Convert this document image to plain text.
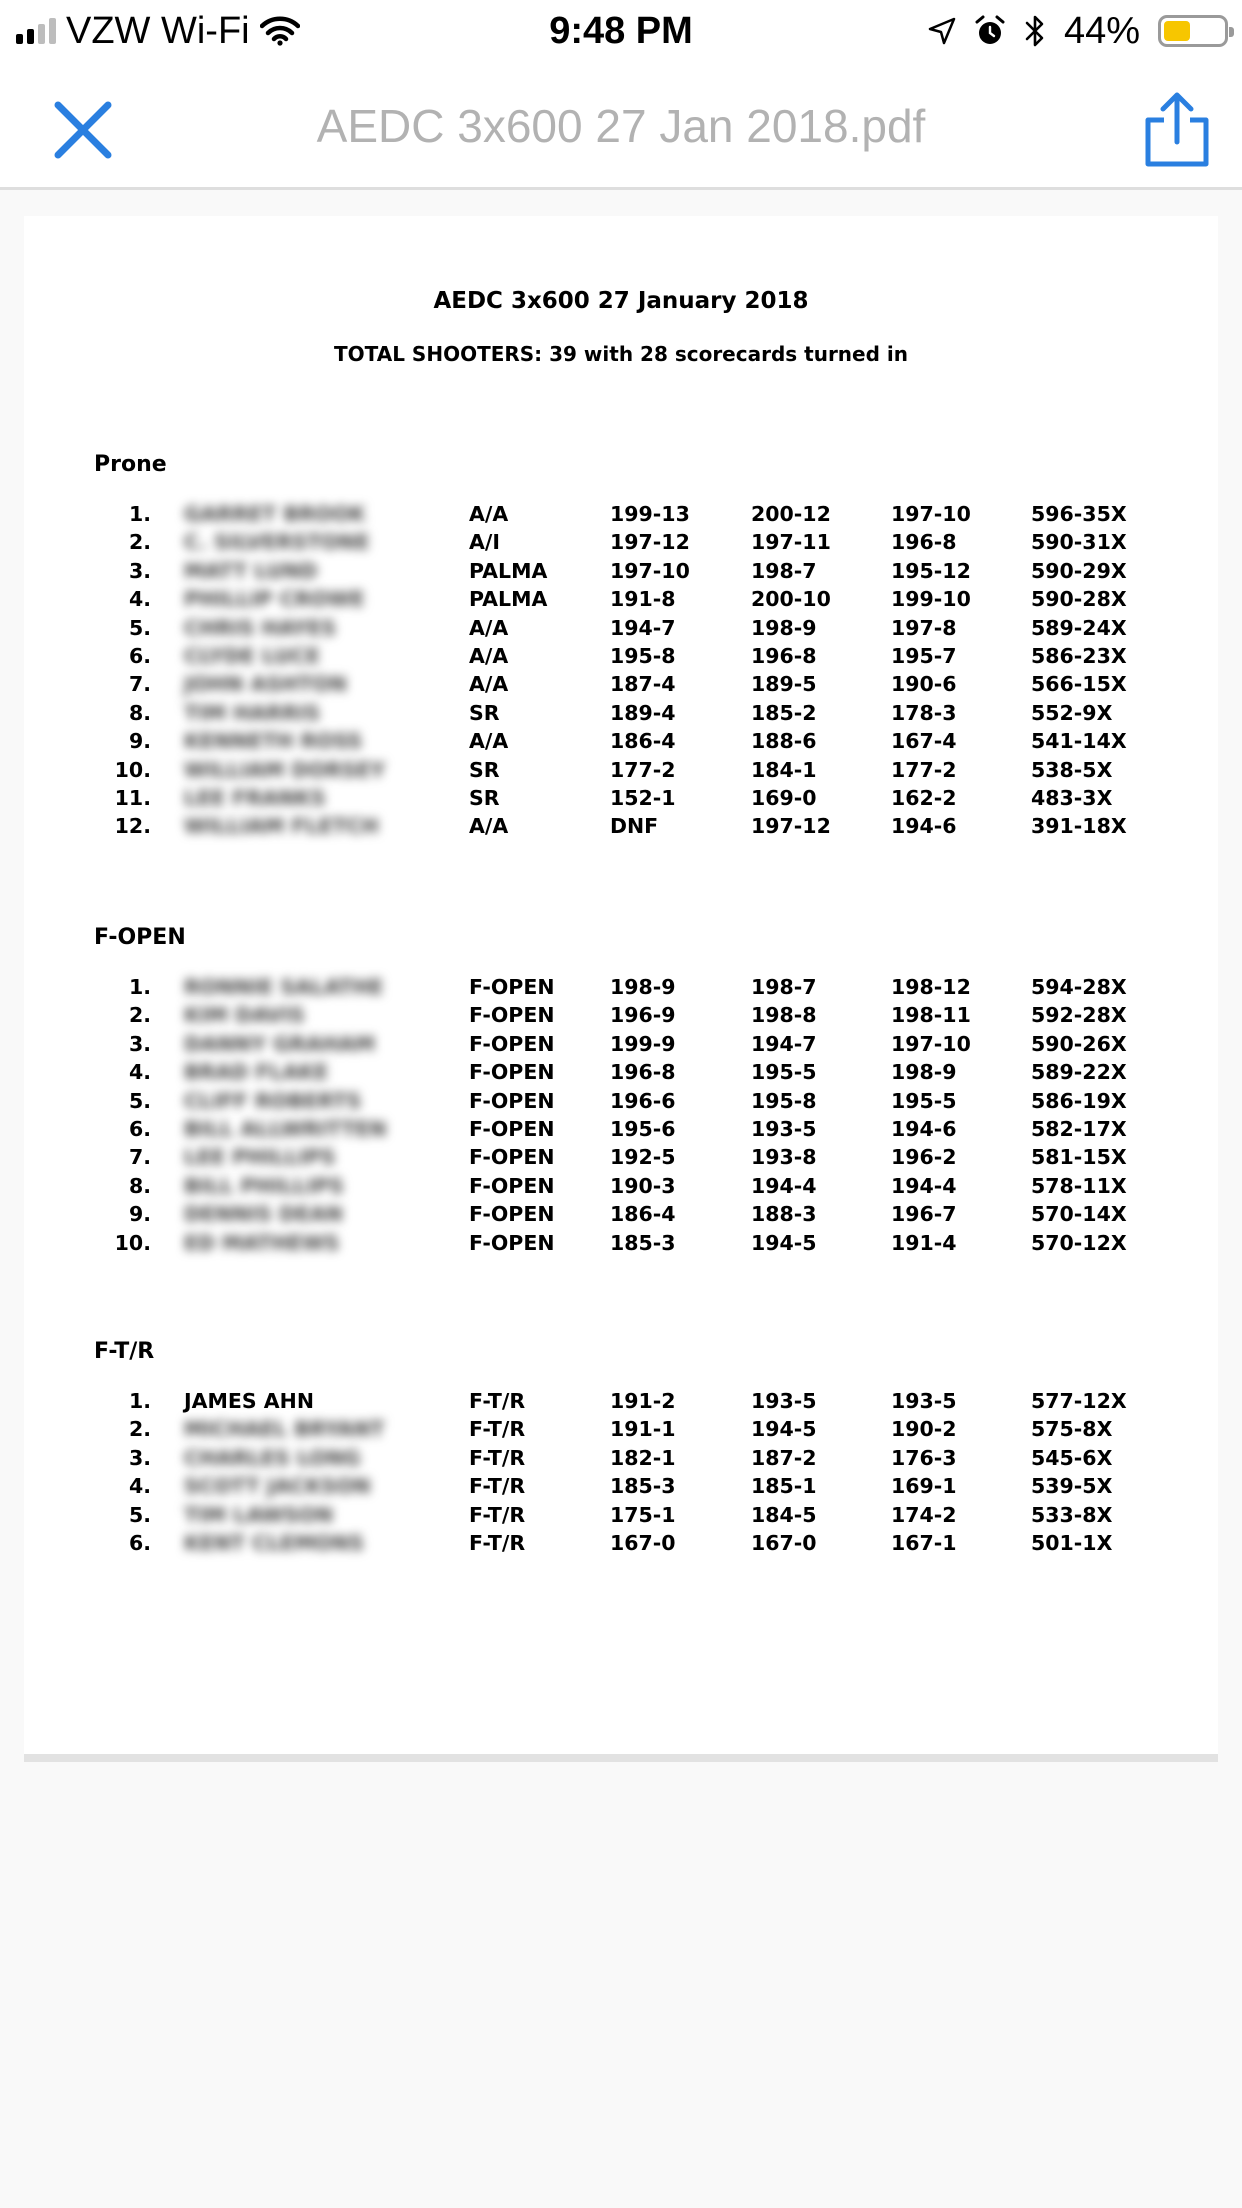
VZW Wi-Fi	9:48 PM	44%
AEDC 3x600 27 Jan 2018.pdf
AEDC 3x600 27 January 2018
TOTAL SHOOTERS: 39 with 28 scorecards turned in
Prone
1. GARRET BROOK	A/A	199-13	200-12	197-10	596-35X
2. C. SILVERSTONE	A/I	197-12	197-11	196-8	590-31X
3. MATT LUND	PALMA	197-10	198-7	195-12	590-29X
4. PHILLIP CROWE	PALMA	191-8	200-10	199-10	590-28X
5. CHRIS HAYES	A/A	194-7	198-9	197-8	589-24X
6. CLYDE LUCE	A/A	195-8	196-8	195-7	586-23X
7. JOHN ASHTON	A/A	187-4	189-5	190-6	566-15X
8. TIM HARRIS	SR	189-4	185-2	178-3	552-9X
9. KENNETH ROSS	A/A	186-4	188-6	167-4	541-14X
10. WILLIAM DORSEY	SR	177-2	184-1	177-2	538-5X
11. LEE FRANKS	SR	152-1	169-0	162-2	483-3X
12. WILLIAM FLETCH	A/A	DNF	197-12	194-6	391-18X
F-OPEN
1. RONNIE SALATHE	F-OPEN	198-9	198-7	198-12	594-28X
2. KIM DAVIS	F-OPEN	196-9	198-8	198-11	592-28X
3. DANNY GRAHAM	F-OPEN	199-9	194-7	197-10	590-26X
4. BRAD FLAKE	F-OPEN	196-8	195-5	198-9	589-22X
5. CLIFF ROBERTS	F-OPEN	196-6	195-8	195-5	586-19X
6. BILL ALLWRITTEN	F-OPEN	195-6	193-5	194-6	582-17X
7. LEE PHILLIPS	F-OPEN	192-5	193-8	196-2	581-15X
8. BILL PHILLIPS	F-OPEN	190-3	194-4	194-4	578-11X
9. DENNIS DEAN	F-OPEN	186-4	188-3	196-7	570-14X
10. ED MATHEWS	F-OPEN	185-3	194-5	191-4	570-12X
F-T/R
1. JAMES AHN	F-T/R	191-2	193-5	193-5	577-12X
2. MICHAEL BRYANT	F-T/R	191-1	194-5	190-2	575-8X
3. CHARLES LONG	F-T/R	182-1	187-2	176-3	545-6X
4. SCOTT JACKSON	F-T/R	185-3	185-1	169-1	539-5X
5. TIM LAWSON	F-T/R	175-1	184-5	174-2	533-8X
6. KENT CLEMONS	F-T/R	167-0	167-0	167-1	501-1X
